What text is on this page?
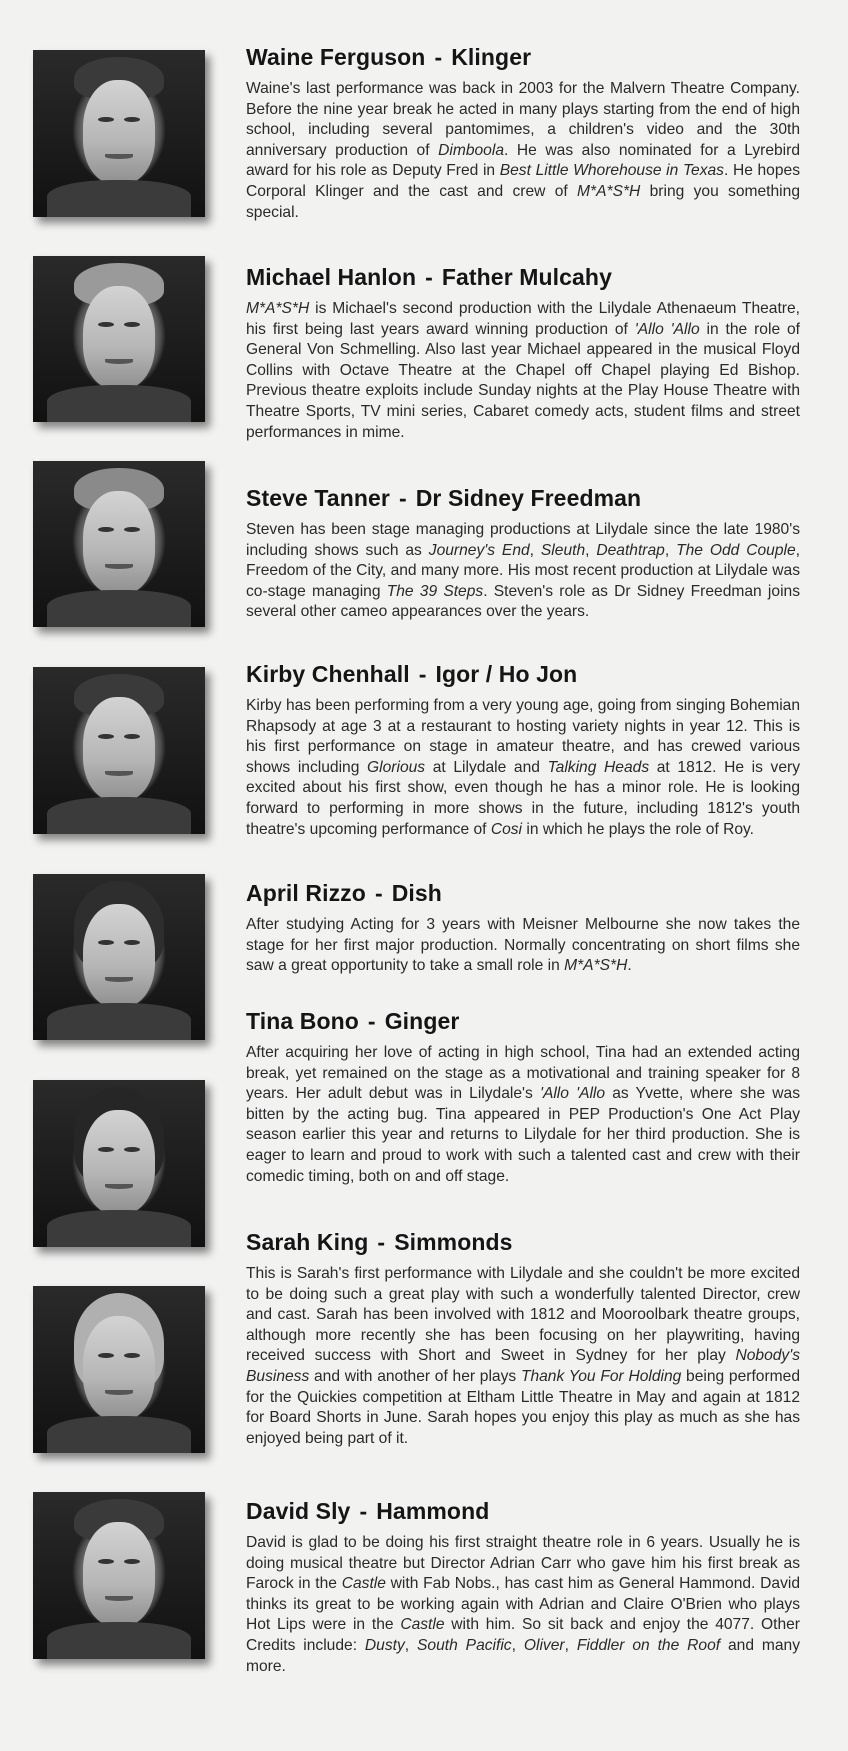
Waine Ferguson - Klinger

Waine's last performance was back in 2003 for the Malvern Theatre Company. Before the nine year break he acted in many plays starting from the end of high school, including several pantomimes, a children's video and the 30th anniversary production of Dimboola. He was also nominated for a Lyrebird award for his role as Deputy Fred in Best Little Whorehouse in Texas. He hopes Corporal Klinger and the cast and crew of M*A*S*H bring you something special.

Michael Hanlon - Father Mulcahy

M*A*S*H is Michael's second production with the Lilydale Athenaeum Theatre, his first being last years award winning production of 'Allo 'Allo in the role of General Von Schmelling. Also last year Michael appeared in the musical Floyd Collins with Octave Theatre at the Chapel off Chapel playing Ed Bishop. Previous theatre exploits include Sunday nights at the Play House Theatre with Theatre Sports, TV mini series, Cabaret comedy acts, student films and street performances in mime.

Steve Tanner - Dr Sidney Freedman

Steven has been stage managing productions at Lilydale since the late 1980's including shows such as Journey's End, Sleuth, Deathtrap, The Odd Couple, Freedom of the City, and many more. His most recent production at Lilydale was co-stage managing The 39 Steps. Steven's role as Dr Sidney Freedman joins several other cameo appearances over the years.

Kirby Chenhall - Igor / Ho Jon

Kirby has been performing from a very young age, going from singing Bohemian Rhapsody at age 3 at a restaurant to hosting variety nights in year 12. This is his first performance on stage in amateur theatre, and has crewed various shows including Glorious at Lilydale and Talking Heads at 1812. He is very excited about his first show, even though he has a minor role. He is looking forward to performing in more shows in the future, including 1812's youth theatre's upcoming performance of Cosi in which he plays the role of Roy.

April Rizzo - Dish

After studying Acting for 3 years with Meisner Melbourne she now takes the stage for her first major production. Normally concentrating on short films she saw a great opportunity to take a small role in M*A*S*H.

Tina Bono - Ginger

After acquiring her love of acting in high school, Tina had an extended acting break, yet remained on the stage as a motivational and training speaker for 8 years. Her adult debut was in Lilydale's 'Allo 'Allo as Yvette, where she was bitten by the acting bug. Tina appeared in PEP Production's One Act Play season earlier this year and returns to Lilydale for her third production. She is eager to learn and proud to work with such a talented cast and crew with their comedic timing, both on and off stage.

Sarah King - Simmonds

This is Sarah's first performance with Lilydale and she couldn't be more excited to be doing such a great play with such a wonderfully talented Director, crew and cast. Sarah has been involved with 1812 and Mooroolbark theatre groups, although more recently she has been focusing on her playwriting, having received success with Short and Sweet in Sydney for her play Nobody's Business and with another of her plays Thank You For Holding being performed for the Quickies competition at Eltham Little Theatre in May and again at 1812 for Board Shorts in June. Sarah hopes you enjoy this play as much as she has enjoyed being part of it.

David Sly - Hammond

David is glad to be doing his first straight theatre role in 6 years. Usually he is doing musical theatre but Director Adrian Carr who gave him his first break as Farock in the Castle with Fab Nobs., has cast him as General Hammond. David thinks its great to be working again with Adrian and Claire O'Brien who plays Hot Lips were in the Castle with him. So sit back and enjoy the 4077. Other Credits include: Dusty, South Pacific, Oliver, Fiddler on the Roof and many more.
